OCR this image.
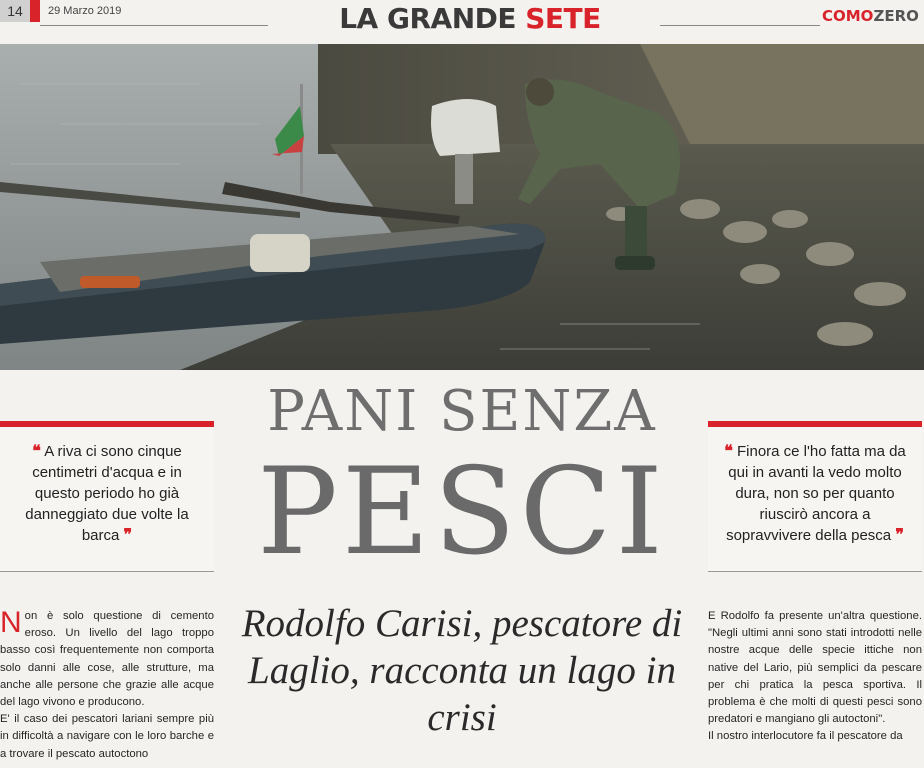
14	29 Marzo 2019	LA GRANDE SETE	COMOZERO
❝ A riva ci sono cinque centimetri d'acqua e in questo periodo ho già danneggiato due volte la barca ❞
PANI SENZA
PESCI
Rodolfo Carisi, pescatore di Laglio, racconta un lago in crisi
❝ Finora ce l'ho fatta ma da qui in avanti la vedo molto dura, non so per quanto riuscirò ancora a sopravvivere della pesca ❞

Non è solo questione di cemento eroso. Un livello del lago troppo basso così frequentemente non comporta solo danni alle cose, alle strutture, ma anche alle persone che grazie alle acque del lago vivono e producono.

E' il caso dei pescatori lariani sempre più in difficoltà a navigare con le loro barche e a trovare il pescato autoctono

E Rodolfo fa presente un'altra questione. "Negli ultimi anni sono stati introdotti nelle nostre acque delle specie ittiche non native del Lario, più semplici da pescare per chi pratica la pesca sportiva. Il problema è che molti di questi pesci sono predatori e mangiano gli autoctoni".

Il nostro interlocutore fa il pescatore da
